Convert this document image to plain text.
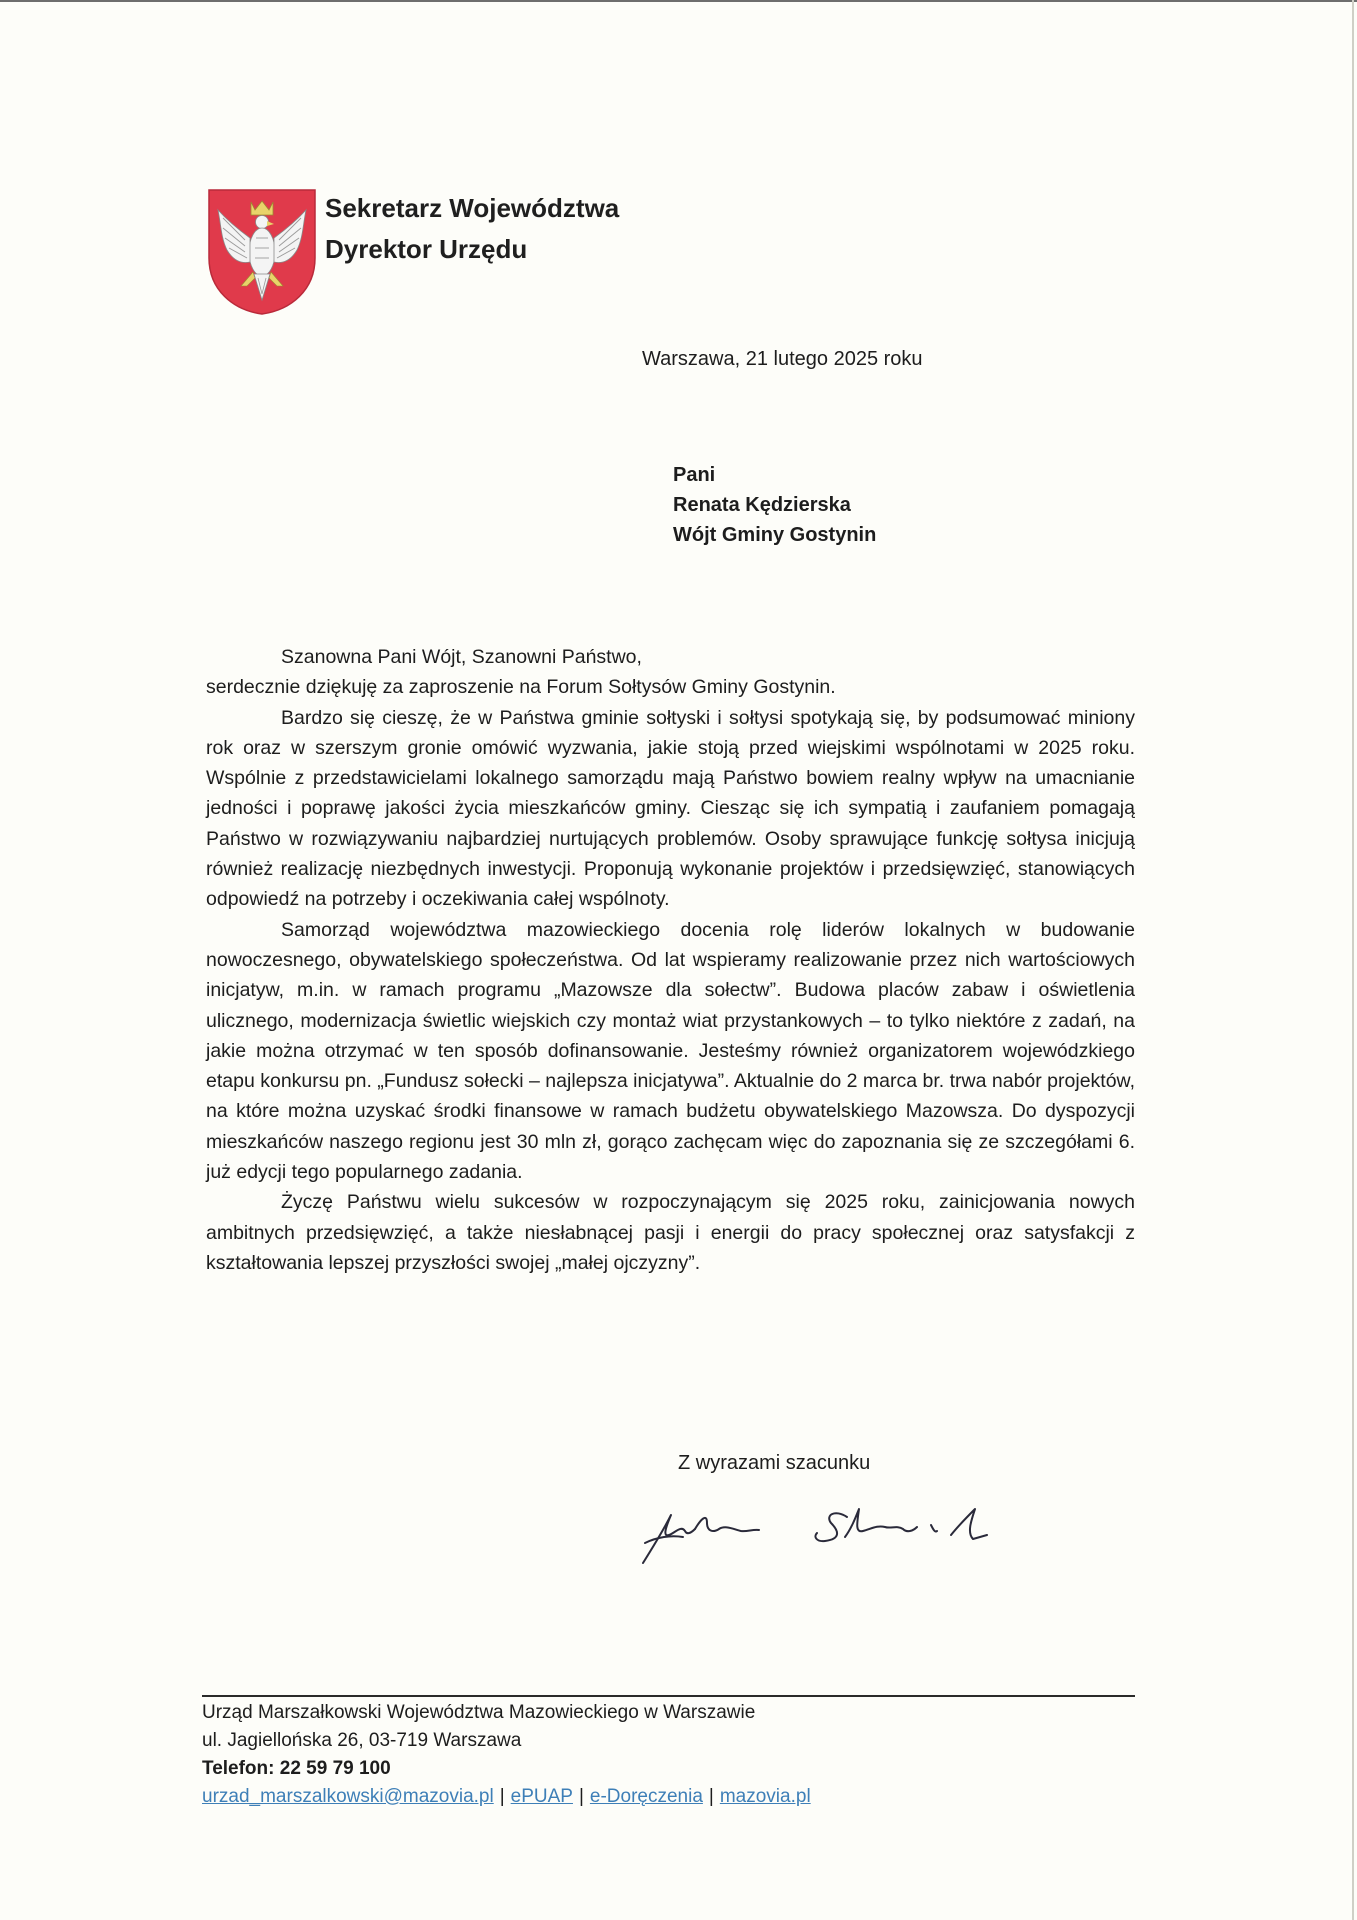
Sekretarz Województwa
Dyrektor Urzędu
Warszawa, 21 lutego 2025 roku
Pani
Renata Kędzierska
Wójt Gminy Gostynin

Szanowna Pani Wójt, Szanowni Państwo,

serdecznie dziękuję za zaproszenie na Forum Sołtysów Gminy Gostynin.

Bardzo się cieszę, że w Państwa gminie sołtyski i sołtysi spotykają się, by podsumować miniony rok oraz w szerszym gronie omówić wyzwania, jakie stoją przed wiejskimi wspólnotami w 2025 roku. Wspólnie z przedstawicielami lokalnego samorządu mają Państwo bowiem realny wpływ na umacnianie jedności i poprawę jakości życia mieszkańców gminy. Ciesząc się ich sympatią i zaufaniem pomagają Państwo w rozwiązywaniu najbardziej nurtujących problemów. Osoby sprawujące funkcję sołtysa inicjują również realizację niezbędnych inwestycji. Proponują wykonanie projektów i przedsięwzięć, stanowiących odpowiedź na potrzeby i oczekiwania całej wspólnoty.

Samorząd województwa mazowieckiego docenia rolę liderów lokalnych w budowanie nowoczesnego, obywatelskiego społeczeństwa. Od lat wspieramy realizowanie przez nich wartościowych inicjatyw, m.in. w ramach programu „Mazowsze dla sołectw”. Budowa placów zabaw i oświetlenia ulicznego, modernizacja świetlic wiejskich czy montaż wiat przystankowych – to tylko niektóre z zadań, na jakie można otrzymać w ten sposób dofinansowanie. Jesteśmy również organizatorem wojewódzkiego etapu konkursu pn. „Fundusz sołecki – najlepsza inicjatywa”. Aktualnie do 2 marca br. trwa nabór projektów, na które można uzyskać środki finansowe w ramach budżetu obywatelskiego Mazowsza. Do dyspozycji mieszkańców naszego regionu jest 30 mln zł, gorąco zachęcam więc do zapoznania się ze szczegółami 6. już edycji tego popularnego zadania.

Życzę Państwu wielu sukcesów w rozpoczynającym się 2025 roku, zainicjowania nowych ambitnych przedsięwzięć, a także niesłabnącej pasji i energii do pracy społecznej oraz satysfakcji z kształtowania lepszej przyszłości swojej „małej ojczyzny”.

Z wyrazami szacunku
Urząd Marszałkowski Województwa Mazowieckiego w Warszawie
ul. Jagiellońska 26, 03-719 Warszawa
Telefon: 22 59 79 100
urzad_marszalkowski@mazovia.pl | ePUAP | e-Doręczenia | mazovia.pl
